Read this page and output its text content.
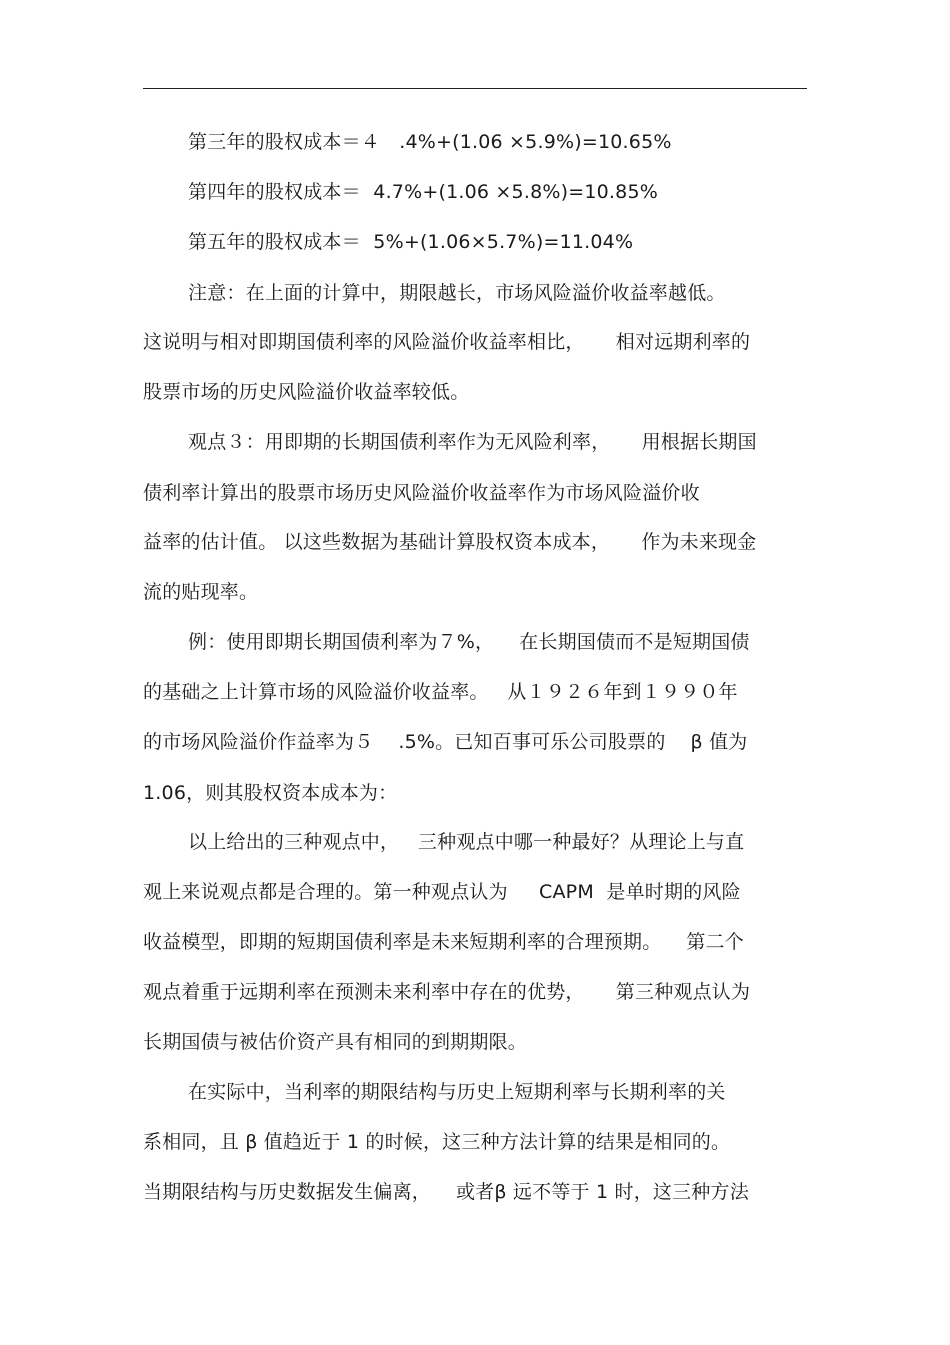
第三年的股权成本＝４　.4%+(1.06 ×5.9%)=10.65%
第四年的股权成本＝  4.7%+(1.06 ×5.8%)=10.85%
第五年的股权成本＝  5%+(1.06×5.7%)=11.04%
注意：在上面的计算中，期限越长，市场风险溢价收益率越低。
这说明与相对即期国债利率的风险溢价收益率相比，     相对远期利率的
股票市场的历史风险溢价收益率较低。
观点３：用即期的长期国债利率作为无风险利率，     用根据长期国
债利率计算出的股票市场历史风险溢价收益率作为市场风险溢价收
益率的估计值。 以这些数据为基础计算股权资本成本，     作为未来现金
流的贴现率。
例：使用即期长期国债利率为７%，    在长期国债而不是短期国债
的基础之上计算市场的风险溢价收益率。   从１９２６年到１９９０年
的市场风险溢价作益率为５    .5%。已知百事可乐公司股票的    β 值为
1.06，则其股权资本成本为：
以上给出的三种观点中，   三种观点中哪一种最好？从理论上与直
观上来说观点都是合理的。第一种观点认为     CAPM  是单时期的风险
收益模型，即期的短期国债利率是未来短期利率的合理预期。    第二个
观点着重于远期利率在预测未来利率中存在的优势，     第三种观点认为
长期国债与被估价资产具有相同的到期期限。
在实际中，当利率的期限结构与历史上短期利率与长期利率的关
系相同，且 β 值趋近于 1 的时候，这三种方法计算的结果是相同的。
当期限结构与历史数据发生偏离，    或者β 远不等于 1 时，这三种方法
